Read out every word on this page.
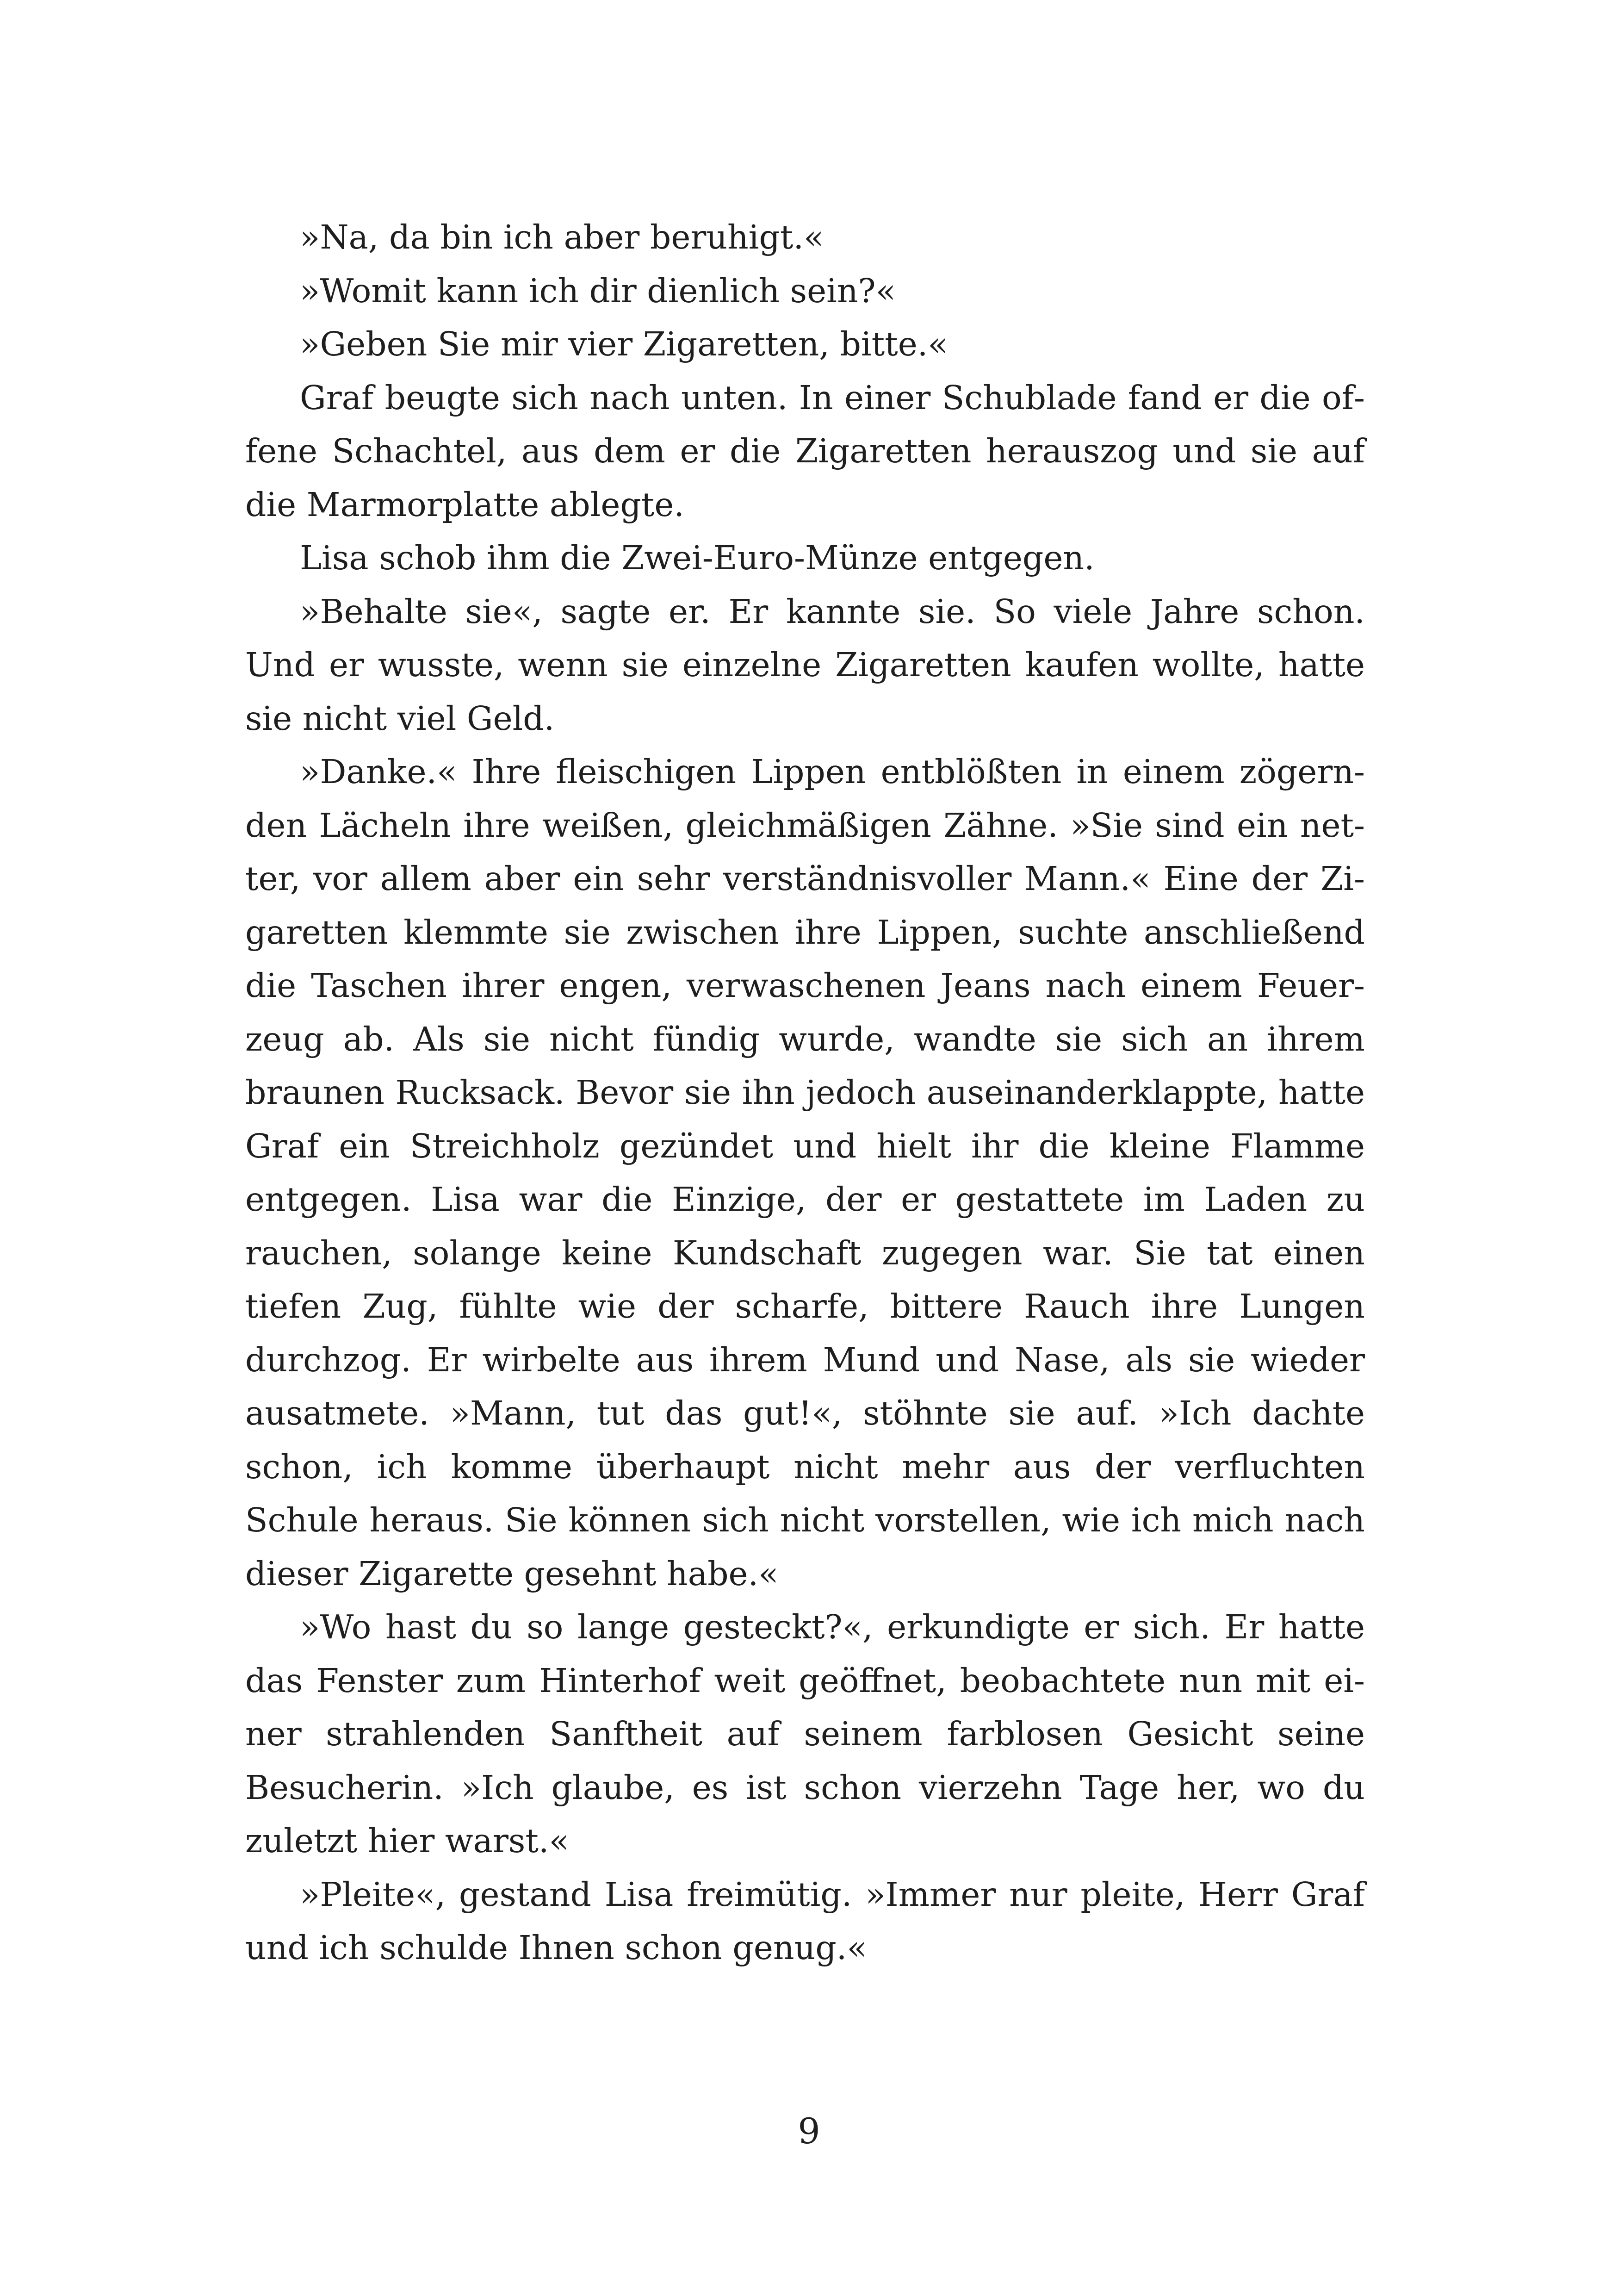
»Na, da bin ich aber beruhigt.«

»Womit kann ich dir dienlich sein?«

»Geben Sie mir vier Zigaretten, bitte.«

Graf beugte sich nach unten. In einer Schublade fand er die offene Schachtel, aus dem er die Zigaretten herauszog und sie auf die Marmorplatte ablegte.

Lisa schob ihm die Zwei-Euro-Münze entgegen.

»Behalte sie«, sagte er. Er kannte sie. So viele Jahre schon. Und er wusste, wenn sie einzelne Zigaretten kaufen wollte, hatte sie nicht viel Geld.

»Danke.« Ihre fleischigen Lippen entblößten in einem zögernden Lächeln ihre weißen, gleichmäßigen Zähne. »Sie sind ein netter, vor allem aber ein sehr verständnisvoller Mann.« Eine der Zigaretten klemmte sie zwischen ihre Lippen, suchte anschließend die Taschen ihrer engen, verwaschenen Jeans nach einem Feuerzeug ab. Als sie nicht fündig wurde, wandte sie sich an ihrem braunen Rucksack. Bevor sie ihn jedoch auseinanderklappte, hatte Graf ein Streichholz gezündet und hielt ihr die kleine Flamme entgegen. Lisa war die Einzige, der er gestattete im Laden zu rauchen, solange keine Kundschaft zugegen war. Sie tat einen tiefen Zug, fühlte wie der scharfe, bittere Rauch ihre Lungen durchzog. Er wirbelte aus ihrem Mund und Nase, als sie wieder ausatmete. »Mann, tut das gut!«, stöhnte sie auf. »Ich dachte schon, ich komme überhaupt nicht mehr aus der verfluchten Schule heraus. Sie können sich nicht vorstellen, wie ich mich nach dieser Zigarette gesehnt habe.«

»Wo hast du so lange gesteckt?«, erkundigte er sich. Er hatte das Fenster zum Hinterhof weit geöffnet, beobachtete nun mit einer strahlenden Sanftheit auf seinem farblosen Gesicht seine Besucherin. »Ich glaube, es ist schon vierzehn Tage her, wo du zuletzt hier warst.«

»Pleite«, gestand Lisa freimütig. »Immer nur pleite, Herr Graf und ich schulde Ihnen schon genug.«

9
